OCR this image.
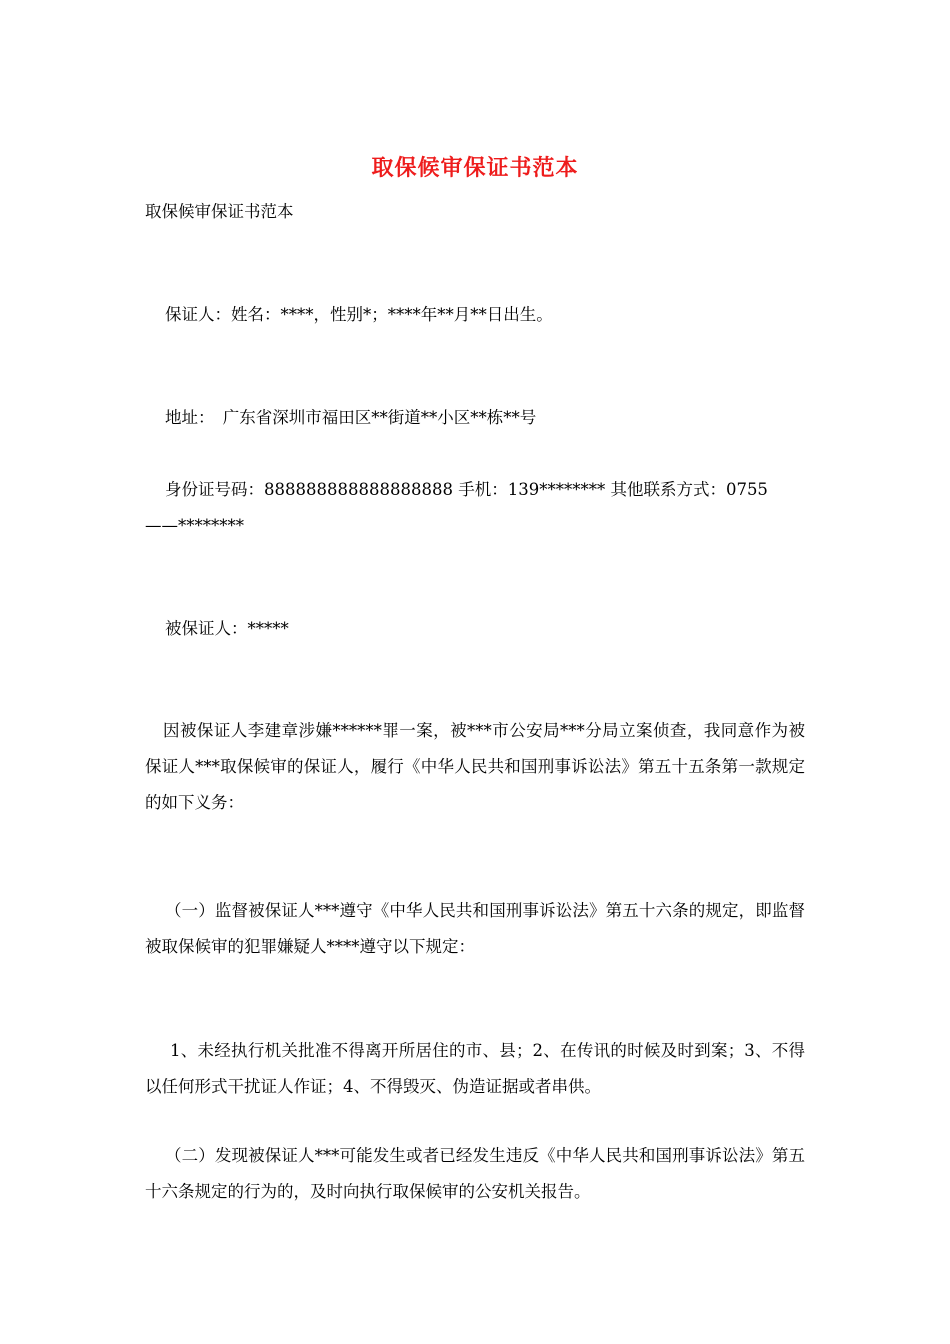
取保候审保证书范本
取保候审保证书范本
保证人：姓名：****，性别*；****年**月**日出生。
地址：　广东省深圳市福田区**街道**小区**栋**号
身份证号码：888888888888888888 手机：139******** 其他联系方式：0755
——********
被保证人：*****
因被保证人李建章涉嫌******罪一案，被***市公安局***分局立案侦查，我同意作为被保证人***取保候审的保证人，履行《中华人民共和国刑事诉讼法》第五十五条第一款规定的如下义务：
（一）监督被保证人***遵守《中华人民共和国刑事诉讼法》第五十六条的规定，即监督被取保候审的犯罪嫌疑人****遵守以下规定：
1、未经执行机关批准不得离开所居住的市、县；2、在传讯的时候及时到案；3、不得以任何形式干扰证人作证；4、不得毁灭、伪造证据或者串供。
（二）发现被保证人***可能发生或者已经发生违反《中华人民共和国刑事诉讼法》第五十六条规定的行为的，及时向执行取保候审的公安机关报告。
